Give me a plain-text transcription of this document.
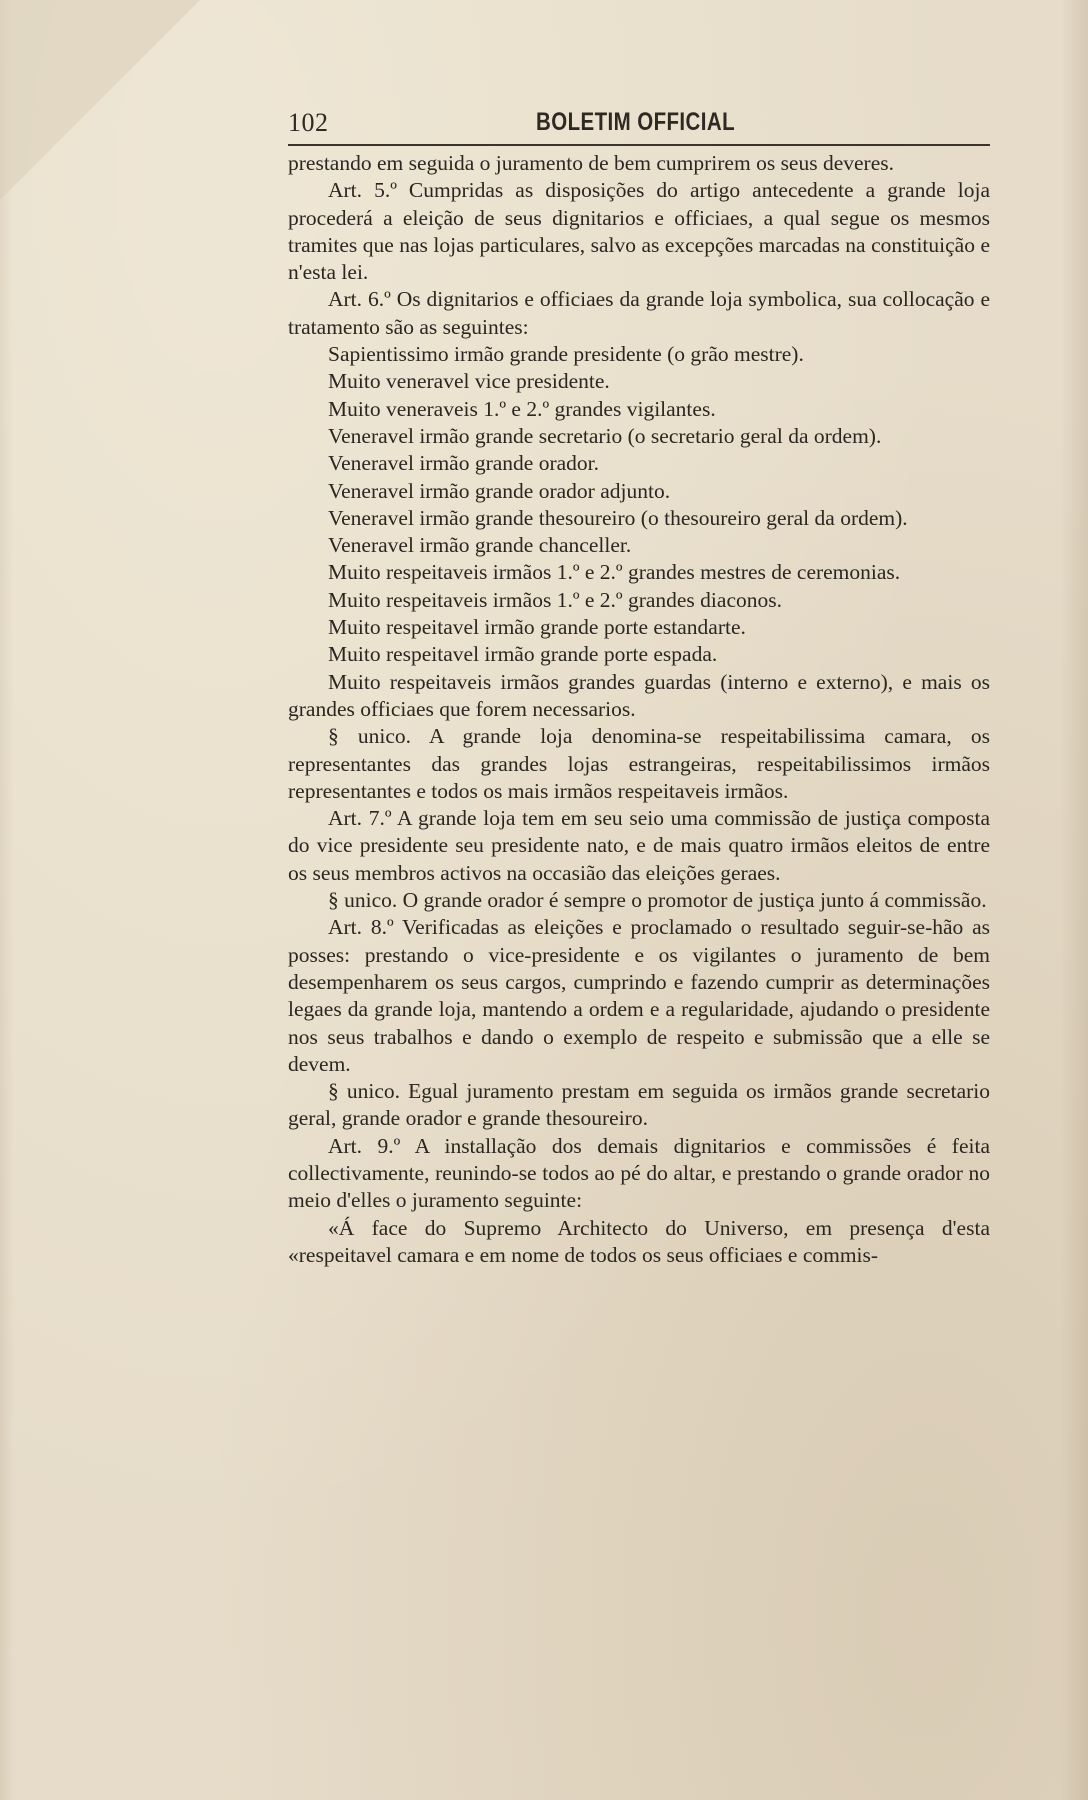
102	BOLETIM OFFICIAL

prestando em seguida o juramento de bem cumprirem os seus deveres.

Art. 5.º Cumpridas as disposições do artigo antecedente a grande loja procederá a eleição de seus dignitarios e officiaes, a qual segue os mesmos tramites que nas lojas particulares, salvo as excepções marcadas na constituição e n'esta lei.

Art. 6.º Os dignitarios e officiaes da grande loja symbolica, sua collocação e tratamento são as seguintes:

Sapientissimo irmão grande presidente (o grão mestre).

Muito veneravel vice presidente.

Muito veneraveis 1.º e 2.º grandes vigilantes.

Veneravel irmão grande secretario (o secretario geral da ordem).

Veneravel irmão grande orador.

Veneravel irmão grande orador adjunto.

Veneravel irmão grande thesoureiro (o thesoureiro geral da ordem).

Veneravel irmão grande chanceller.

Muito respeitaveis irmãos 1.º e 2.º grandes mestres de ceremonias.

Muito respeitaveis irmãos 1.º e 2.º grandes diaconos.

Muito respeitavel irmão grande porte estandarte.

Muito respeitavel irmão grande porte espada.

Muito respeitaveis irmãos grandes guardas (interno e externo), e mais os grandes officiaes que forem necessarios.

§ unico. A grande loja denomina-se respeitabilissima camara, os representantes das grandes lojas estrangeiras, respeitabilissimos irmãos representantes e todos os mais irmãos respeitaveis irmãos.

Art. 7.º A grande loja tem em seu seio uma commissão de justiça composta do vice presidente seu presidente nato, e de mais quatro irmãos eleitos de entre os seus membros activos na occasião das eleições geraes.

§ unico. O grande orador é sempre o promotor de justiça junto á commissão.

Art. 8.º Verificadas as eleições e proclamado o resultado seguir-se-hão as posses: prestando o vice-presidente e os vigilantes o juramento de bem desempenharem os seus cargos, cumprindo e fazendo cumprir as determinações legaes da grande loja, mantendo a ordem e a regularidade, ajudando o presidente nos seus trabalhos e dando o exemplo de respeito e submissão que a elle se devem.

§ unico. Egual juramento prestam em seguida os irmãos grande secretario geral, grande orador e grande thesoureiro.

Art. 9.º A installação dos demais dignitarios e commissões é feita collectivamente, reunindo-se todos ao pé do altar, e prestando o grande orador no meio d'elles o juramento seguinte:

«Á face do Supremo Architecto do Universo, em presença d'esta «respeitavel camara e em nome de todos os seus officiaes e commis-
